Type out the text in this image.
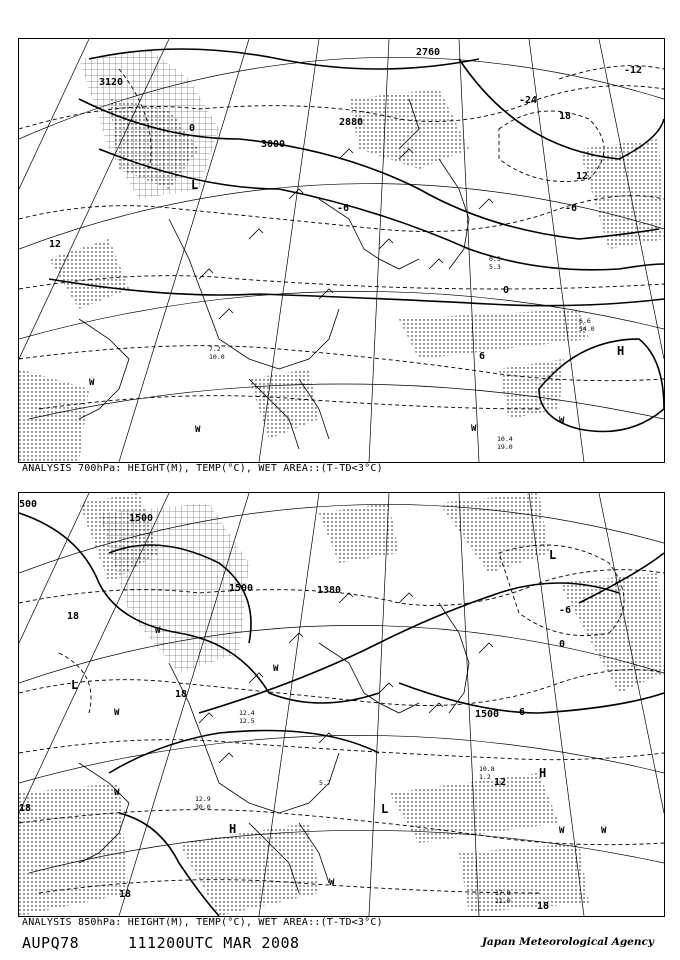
3120
3000
2880
2760
12
-12
-24
18
12
6
0
-6
-6
0
L
H
W
W	W
W
6.6
14.0
10.4
19.0
7.2
10.0
0.3
5.3
ANALYSIS 700hPa: HEIGHT(M), TEMP(°C), WET AREA::(T-TD<3°C)
1500
1500
1380
1500
500
18
18
18
12
6
0
-6
18
18
L
L
L
H
H
W
W
W
W
W	W
W
17.8
11.0
12.9
30.0
10.8
1.2
12.4
12.5
5.7
ANALYSIS 850hPa: HEIGHT(M), TEMP(°C), WET AREA::(T-TD<3°C)
AUPQ78	111200UTC MAR 2008	Japan Meteorological Agency
